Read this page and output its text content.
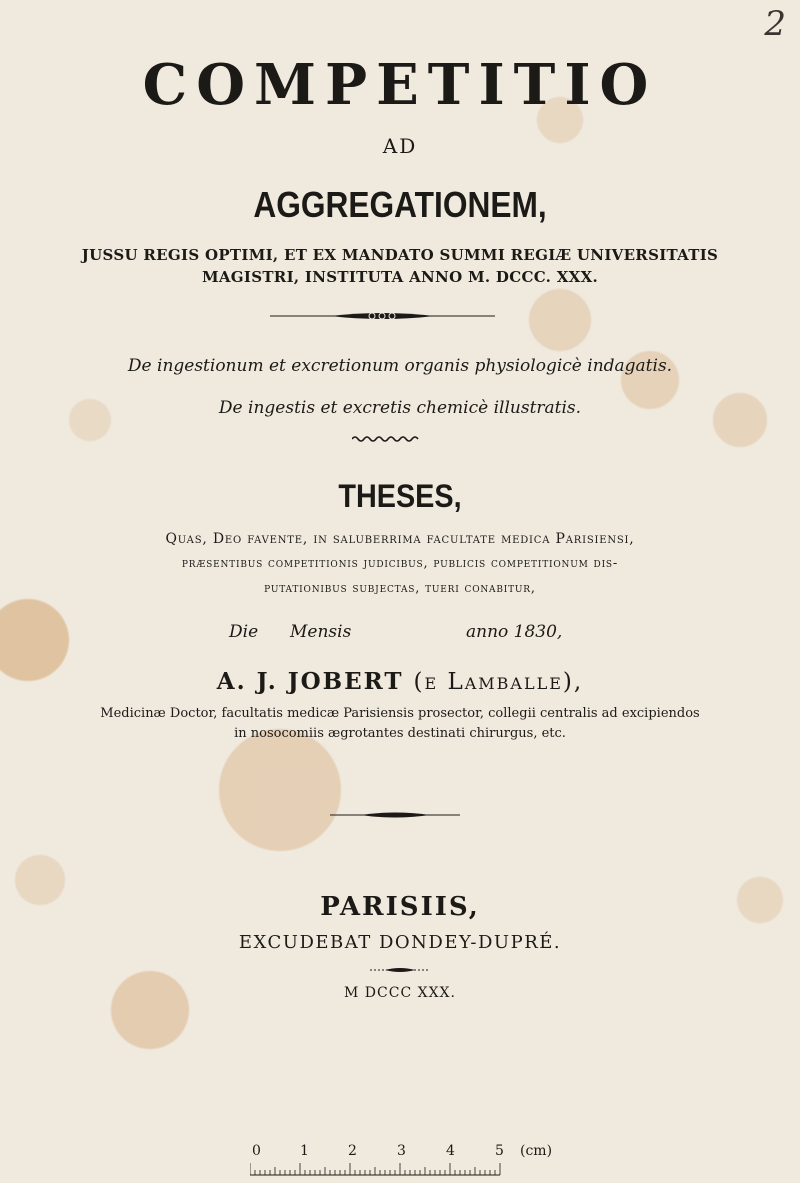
2
COMPETITIO
AD
AGGREGATIONEM,
JUSSU REGIS OPTIMI, ET EX MANDATO SUMMI REGIÆ UNIVERSITATIS
MAGISTRI, INSTITUTA ANNO M. DCCC. XXX.
De ingestionum et excretionum organis physiologicè indagatis.
De ingestis et excretis chemicè illustratis.
THESES,
Quas, Deo favente, in saluberrima facultate medica Parisiensi,
præsentibus competitionis judicibus, publicis competitionum dis-
putationibus subjectas, tueri conabitur,
Die Mensis	anno 1830,
A. J. JOBERT (e Lamballe),
Medicinæ Doctor, facultatis medicæ Parisiensis prosector, collegii centralis ad excipiendos
in nosocomiis ægrotantes destinati chirurgus, etc.
PARISIIS,
EXCUDEBAT DONDEY-DUPRÉ.
M DCCC XXX.
0	1	2	3	4	5 (cm)
